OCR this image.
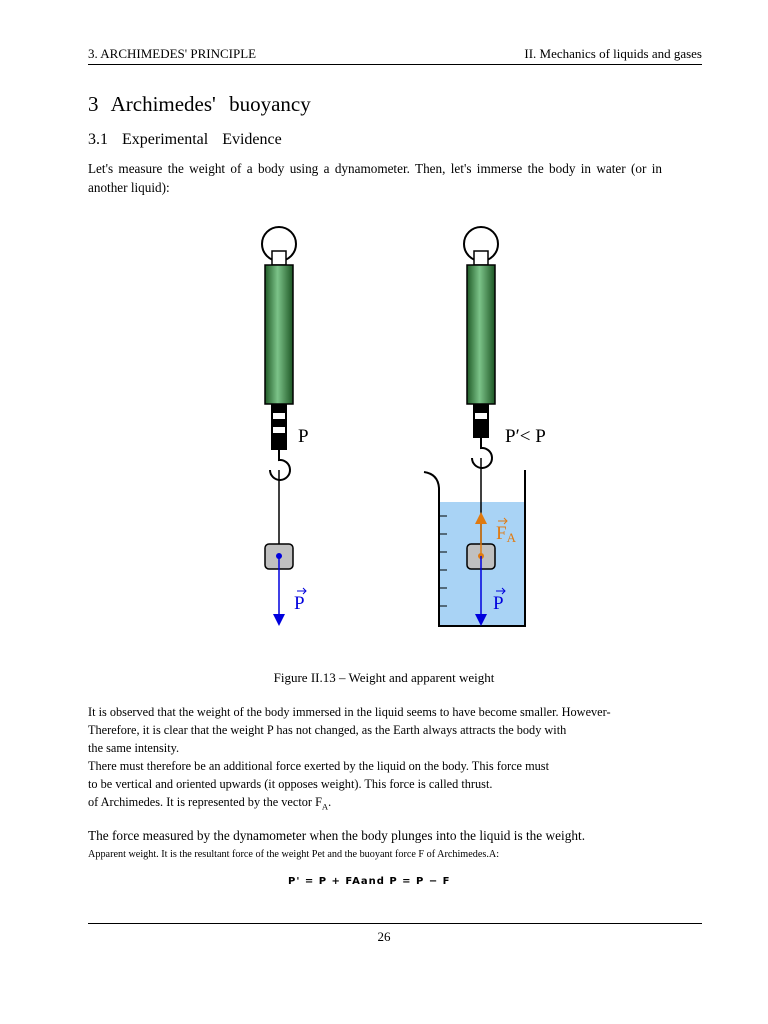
3. ARCHIMEDES' PRINCIPLE	II. Mechanics of liquids and gases
3 Archimedes' buoyancy
3.1 Experimental Evidence
Let's measure the weight of a body using a dynamometer. Then, let's immerse the body in water (or in another liquid):
P	P′< P
P	P
FA
Figure II.13 – Weight and apparent weight
It is observed that the weight of the body immersed in the liquid seems to have become smaller. However-
Therefore, it is clear that the weight P has not changed, as the Earth always attracts the body with
the same intensity.
There must therefore be an additional force exerted by the liquid on the body. This force must
to be vertical and oriented upwards (it opposes weight). This force is called thrust.
of Archimedes. It is represented by the vector $F_A$.
The force measured by the dynamometer when the body plunges into the liquid is the weight.
Apparent weight. It is the resultant force of the weight Pet and the buoyant force F of Archimedes.A:
P' = P + FAand P = P − F
26
